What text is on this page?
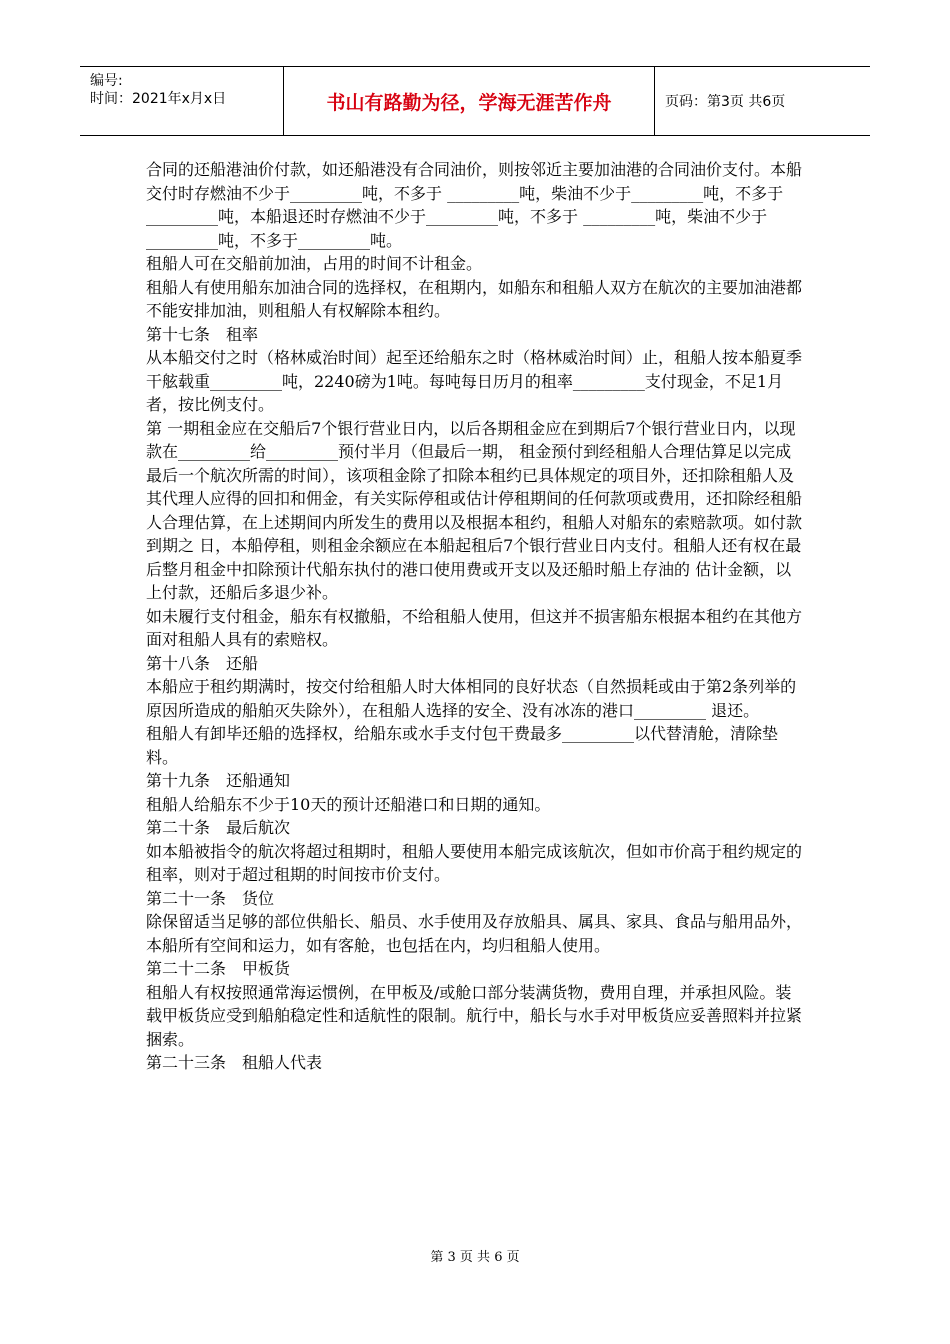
编号:
时间：2021年x月x日	书山有路勤为径，学海无涯苦作舟	页码：第3页 共6页

合同的还船港油价付款，如还船港没有合同油价，则按邻近主要加油港的合同油价支付。本船交付时存燃油不少于_________吨，不多于 _________吨，柴油不少于_________吨，不多于_________吨，本船退还时存燃油不少于_________吨，不多于 _________吨，柴油不少于_________吨，不多于_________吨。

租船人可在交船前加油，占用的时间不计租金。

租船人有使用船东加油合同的选择权，在租期内，如船东和租船人双方在航次的主要加油港都不能安排加油，则租船人有权解除本租约。

第十七条　租率

从本船交付之时（格林威治时间）起至还给船东之时（格林威治时间）止，租船人按本船夏季干舷载重_________吨，2240磅为1吨。每吨每日历月的租率_________支付现金，不足1月者，按比例支付。

第 一期租金应在交船后7个银行营业日内，以后各期租金应在到期后7个银行营业日内，以现款在_________给_________预付半月（但最后一期， 租金预付到经租船人合理估算足以完成最后一个航次所需的时间），该项租金除了扣除本租约已具体规定的项目外，还扣除租船人及其代理人应得的回扣和佣金，有关实际停租或估计停租期间的任何款项或费用，还扣除经租船人合理估算，在上述期间内所发生的费用以及根据本租约，租船人对船东的索赔款项。如付款到期之 日，本船停租，则租金余额应在本船起租后7个银行营业日内支付。租船人还有权在最后整月租金中扣除预计代船东执付的港口使用费或开支以及还船时船上存油的 估计金额，以上付款，还船后多退少补。

如未履行支付租金，船东有权撤船，不给租船人使用，但这并不损害船东根据本租约在其他方面对租船人具有的索赔权。

第十八条　还船

本船应于租约期满时，按交付给租船人时大体相同的良好状态（自然损耗或由于第2条列举的原因所造成的船舶灭失除外），在租船人选择的安全、没有冰冻的港口_________ 退还。

租船人有卸毕还船的选择权，给船东或水手支付包干费最多_________以代替清舱，清除垫料。

第十九条　还船通知

租船人给船东不少于10天的预计还船港口和日期的通知。

第二十条　最后航次

如本船被指令的航次将超过租期时，租船人要使用本船完成该航次，但如市价高于租约规定的租率，则对于超过租期的时间按市价支付。

第二十一条　货位

除保留适当足够的部位供船长、船员、水手使用及存放船具、属具、家具、食品与船用品外，本船所有空间和运力，如有客舱，也包括在内，均归租船人使用。

第二十二条　甲板货

租船人有权按照通常海运惯例，在甲板及/或舱口部分装满货物，费用自理，并承担风险。装载甲板货应受到船舶稳定性和适航性的限制。航行中，船长与水手对甲板货应妥善照料并拉紧捆索。

第二十三条　租船人代表

第 3 页 共 6 页
